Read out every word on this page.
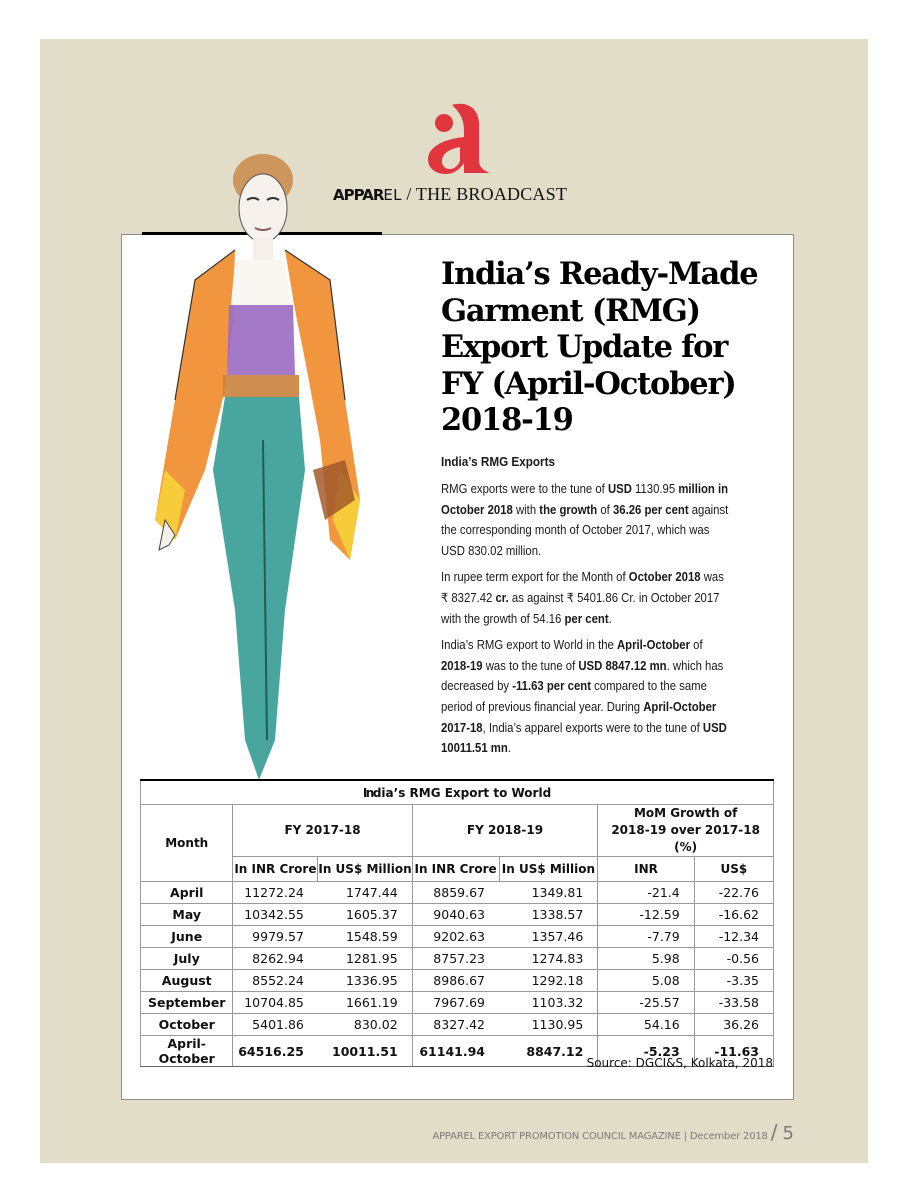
APPAREL / THE BROADCAST
India’s Ready-Made
Garment (RMG)
Export Update for
FY (April-October)
2018-19
India’s RMG Exports

RMG exports were to the tune of USD 1130.95 million in October 2018 with the growth of 36.26 per cent against the corresponding month of October 2017, which was USD 830.02 million.

In rupee term export for the Month of October 2018 was ₹ 8327.42 cr. as against ₹ 5401.86 Cr. in October 2017 with the growth of 54.16 per cent.

India’s RMG export to World in the April-October of 2018-19 was to the tune of USD 8847.12 mn. which has decreased by -11.63 per cent compared to the same period of previous financial year. During April-October 2017-18, India’s apparel exports were to the tune of USD 10011.51 mn.

India’s RMG Export to World						
Month	FY 2017-18		FY 2018-19		MoM Growth of
2018-19 over 2017-18 (%)	
	In INR Crore	In US$ Million	In INR Crore	In US$ Million	INR	US$
April	11272.24	1747.44	8859.67	1349.81	-21.4	-22.76
May	10342.55	1605.37	9040.63	1338.57	-12.59	-16.62
June	9979.57	1548.59	9202.63	1357.46	-7.79	-12.34
July	8262.94	1281.95	8757.23	1274.83	5.98	-0.56
August	8552.24	1336.95	8986.67	1292.18	5.08	-3.35
September	10704.85	1661.19	7967.69	1103.32	-25.57	-33.58
October	5401.86	830.02	8327.42	1130.95	54.16	36.26
April-October	64516.25	10011.51	61141.94	8847.12	-5.23	-11.63
Source: DGCI&S, Kolkata, 2018
APPAREL EXPORT PROMOTION COUNCIL MAGAZINE | December 2018 / 5
